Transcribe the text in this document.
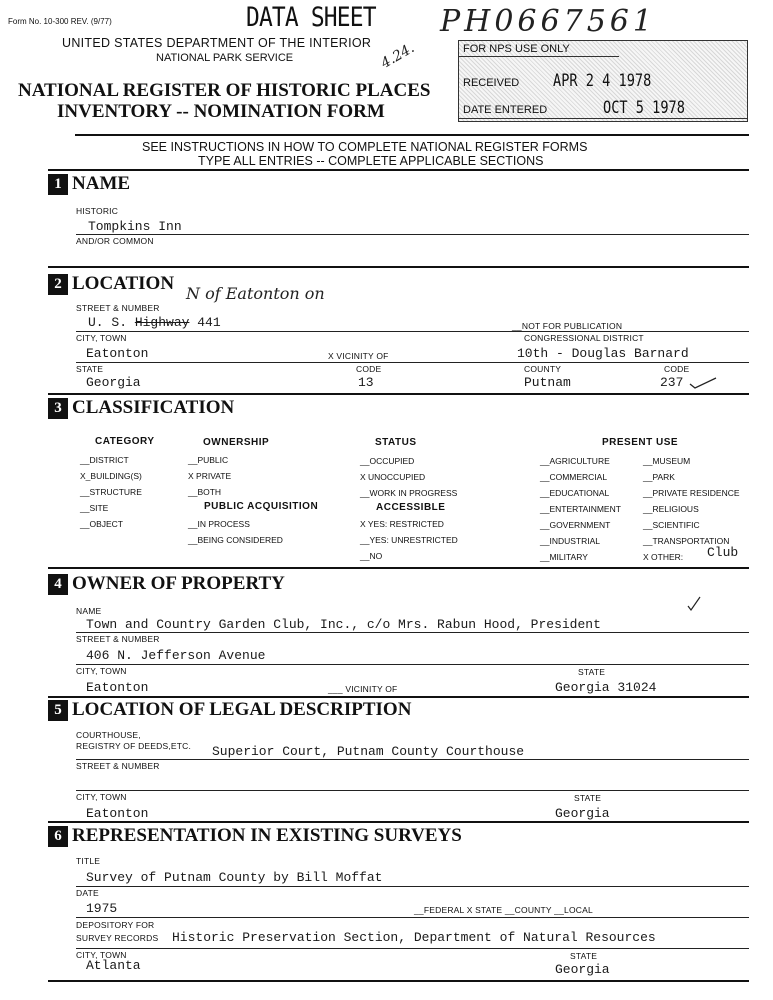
Form No. 10-300 REV. (9/77)	DATA SHEET PH0667561
UNITED STATES DEPARTMENT OF THE INTERIOR
NATIONAL PARK SERVICE	4.24.
NATIONAL REGISTER OF HISTORIC PLACES
INVENTORY -- NOMINATION FORM
FOR NPS USE ONLY
RECEIVED APR 2 4 1978
DATE ENTERED	OCT 5 1978
SEE INSTRUCTIONS IN HOW TO COMPLETE NATIONAL REGISTER FORMS
TYPE ALL ENTRIES -- COMPLETE APPLICABLE SECTIONS
1 NAME
HISTORIC
Tompkins Inn
AND/OR COMMON
2 LOCATION N of Eatonton on
STREET & NUMBER
U. S. Highway 441	__NOT FOR PUBLICATION
CITY, TOWN	CONGRESSIONAL DISTRICT
Eatonton	X VICINITY OF	10th - Douglas Barnard
STATE	CODE	COUNTY	CODE
Georgia	13	Putnam	237
3 CLASSIFICATION
CATEGORY	OWNERSHIP	STATUS	PRESENT USE
__DISTRICT
X_BUILDING(S)
__STRUCTURE
__SITE
__OBJECT
__PUBLIC
X PRIVATE
__BOTH
PUBLIC ACQUISITION
__IN PROCESS
__BEING CONSIDERED
__OCCUPIED
X UNOCCUPIED
__WORK IN PROGRESS
ACCESSIBLE
X YES: RESTRICTED
__YES: UNRESTRICTED
__NO
__AGRICULTURE
__COMMERCIAL
__EDUCATIONAL
__ENTERTAINMENT
__GOVERNMENT
__INDUSTRIAL
__MILITARY
__MUSEUM
__PARK
__PRIVATE RESIDENCE
__RELIGIOUS
__SCIENTIFIC
__TRANSPORTATION
X OTHER: Club
4 OWNER OF PROPERTY
NAME
Town and Country Garden Club, Inc., c/o Mrs. Rabun Hood, President
STREET & NUMBER
406 N. Jefferson Avenue
CITY, TOWN	STATE
Eatonton	___ VICINITY OF	Georgia 31024
5 LOCATION OF LEGAL DESCRIPTION
COURTHOUSE,
REGISTRY OF DEEDS,ETC. Superior Court, Putnam County Courthouse
STREET & NUMBER
CITY, TOWN	STATE
Eatonton	Georgia
6 REPRESENTATION IN EXISTING SURVEYS
TITLE
Survey of Putnam County by Bill Moffat
DATE
1975	__FEDERAL X STATE __COUNTY __LOCAL
DEPOSITORY FOR
SURVEY RECORDS Historic Preservation Section, Department of Natural Resources
CITY, TOWN	STATE
Atlanta	Georgia
